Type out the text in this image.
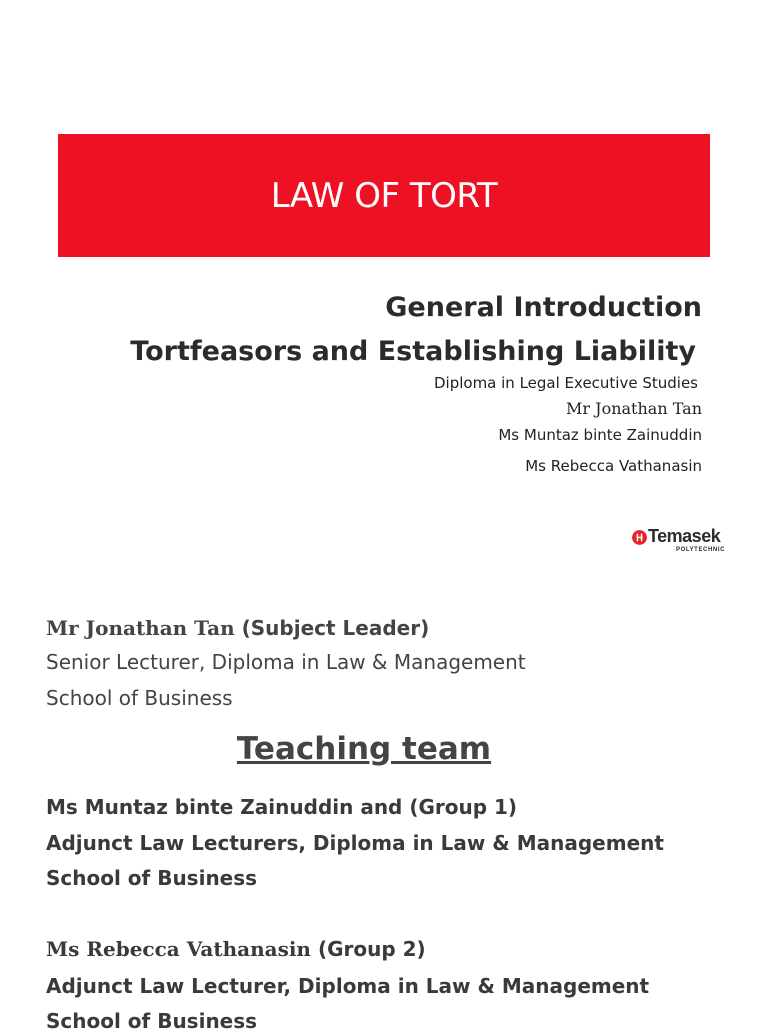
LAW OF TORT

General Introduction

Tortfeasors and Establishing Liability

Diploma in Legal Executive Studies

Mr Jonathan Tan

Ms Muntaz binte Zainuddin

Ms Rebecca Vathanasin

Temasek
POLYTECHNIC

Mr Jonathan Tan (Subject Leader)

Senior Lecturer, Diploma in Law & Management

School of Business

Teaching team

Ms Muntaz binte Zainuddin and (Group 1)

Adjunct Law Lecturers, Diploma in Law & Management

School of Business

Ms Rebecca Vathanasin (Group 2)

Adjunct Law Lecturer, Diploma in Law & Management

School of Business
